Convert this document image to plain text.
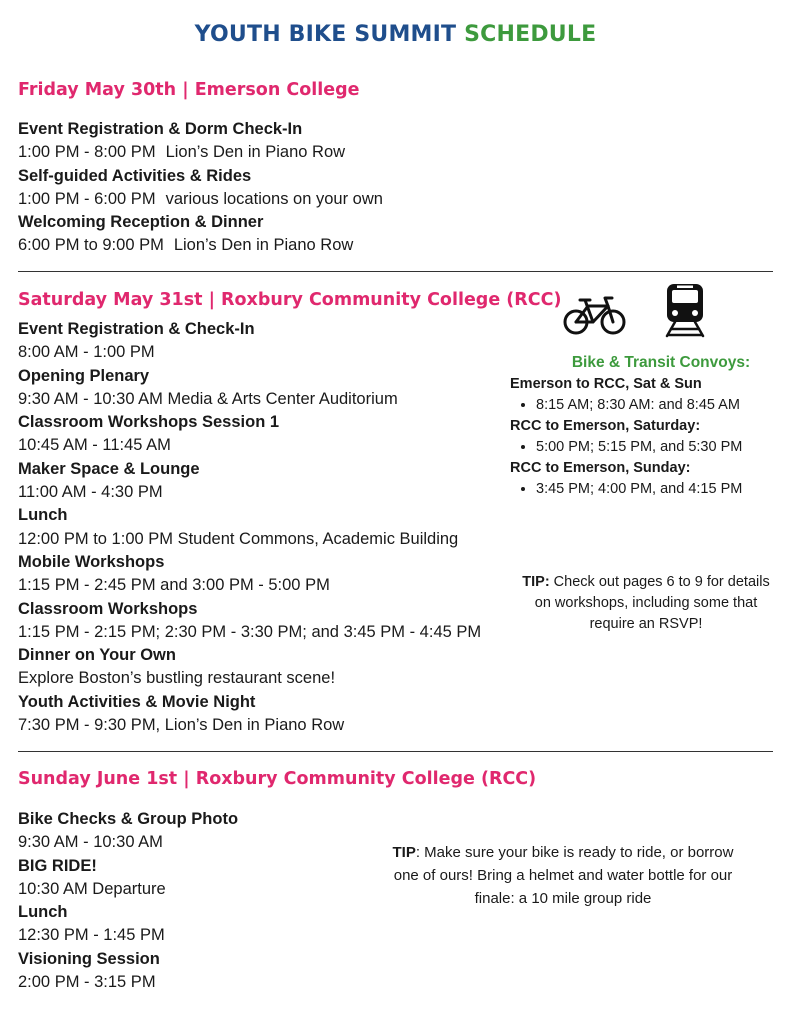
YOUTH BIKE SUMMIT SCHEDULE
Friday May 30th | Emerson College
Event Registration & Dorm Check-In
1:00 PM - 8:00 PM Lion’s Den in Piano Row
Self-guided Activities & Rides
1:00 PM - 6:00 PM various locations on your own
Welcoming Reception & Dinner
6:00 PM to 9:00 PM Lion’s Den in Piano Row
Saturday May 31st | Roxbury Community College (RCC)
Event Registration & Check-In
8:00 AM - 1:00 PM
Opening Plenary
9:30 AM - 10:30 AM Media & Arts Center Auditorium
Classroom Workshops Session 1
10:45 AM - 11:45 AM
Maker Space & Lounge
11:00 AM - 4:30 PM
Lunch
12:00 PM to 1:00 PM Student Commons, Academic Building
Mobile Workshops
1:15 PM - 2:45 PM and 3:00 PM - 5:00 PM
Classroom Workshops
1:15 PM - 2:15 PM; 2:30 PM - 3:30 PM; and 3:45 PM - 4:45 PM
Dinner on Your Own
Explore Boston’s bustling restaurant scene!
Youth Activities & Movie Night
7:30 PM - 9:30 PM, Lion’s Den in Piano Row
Bike & Transit Convoys:
Emerson to RCC, Sat & Sun
• 8:15 AM; 8:30 AM: and 8:45 AM
RCC to Emerson, Saturday:
• 5:00 PM; 5:15 PM, and 5:30 PM
RCC to Emerson, Sunday:
• 3:45 PM; 4:00 PM, and 4:15 PM
TIP: Check out pages 6 to 9 for details on workshops, including some that require an RSVP!
Sunday June 1st | Roxbury Community College (RCC)
Bike Checks & Group Photo
9:30 AM - 10:30 AM
BIG RIDE!
10:30 AM Departure
Lunch
12:30 PM - 1:45 PM
Visioning Session
2:00 PM - 3:15 PM
TIP: Make sure your bike is ready to ride, or borrow one of ours! Bring a helmet and water bottle for our finale: a 10 mile group ride
